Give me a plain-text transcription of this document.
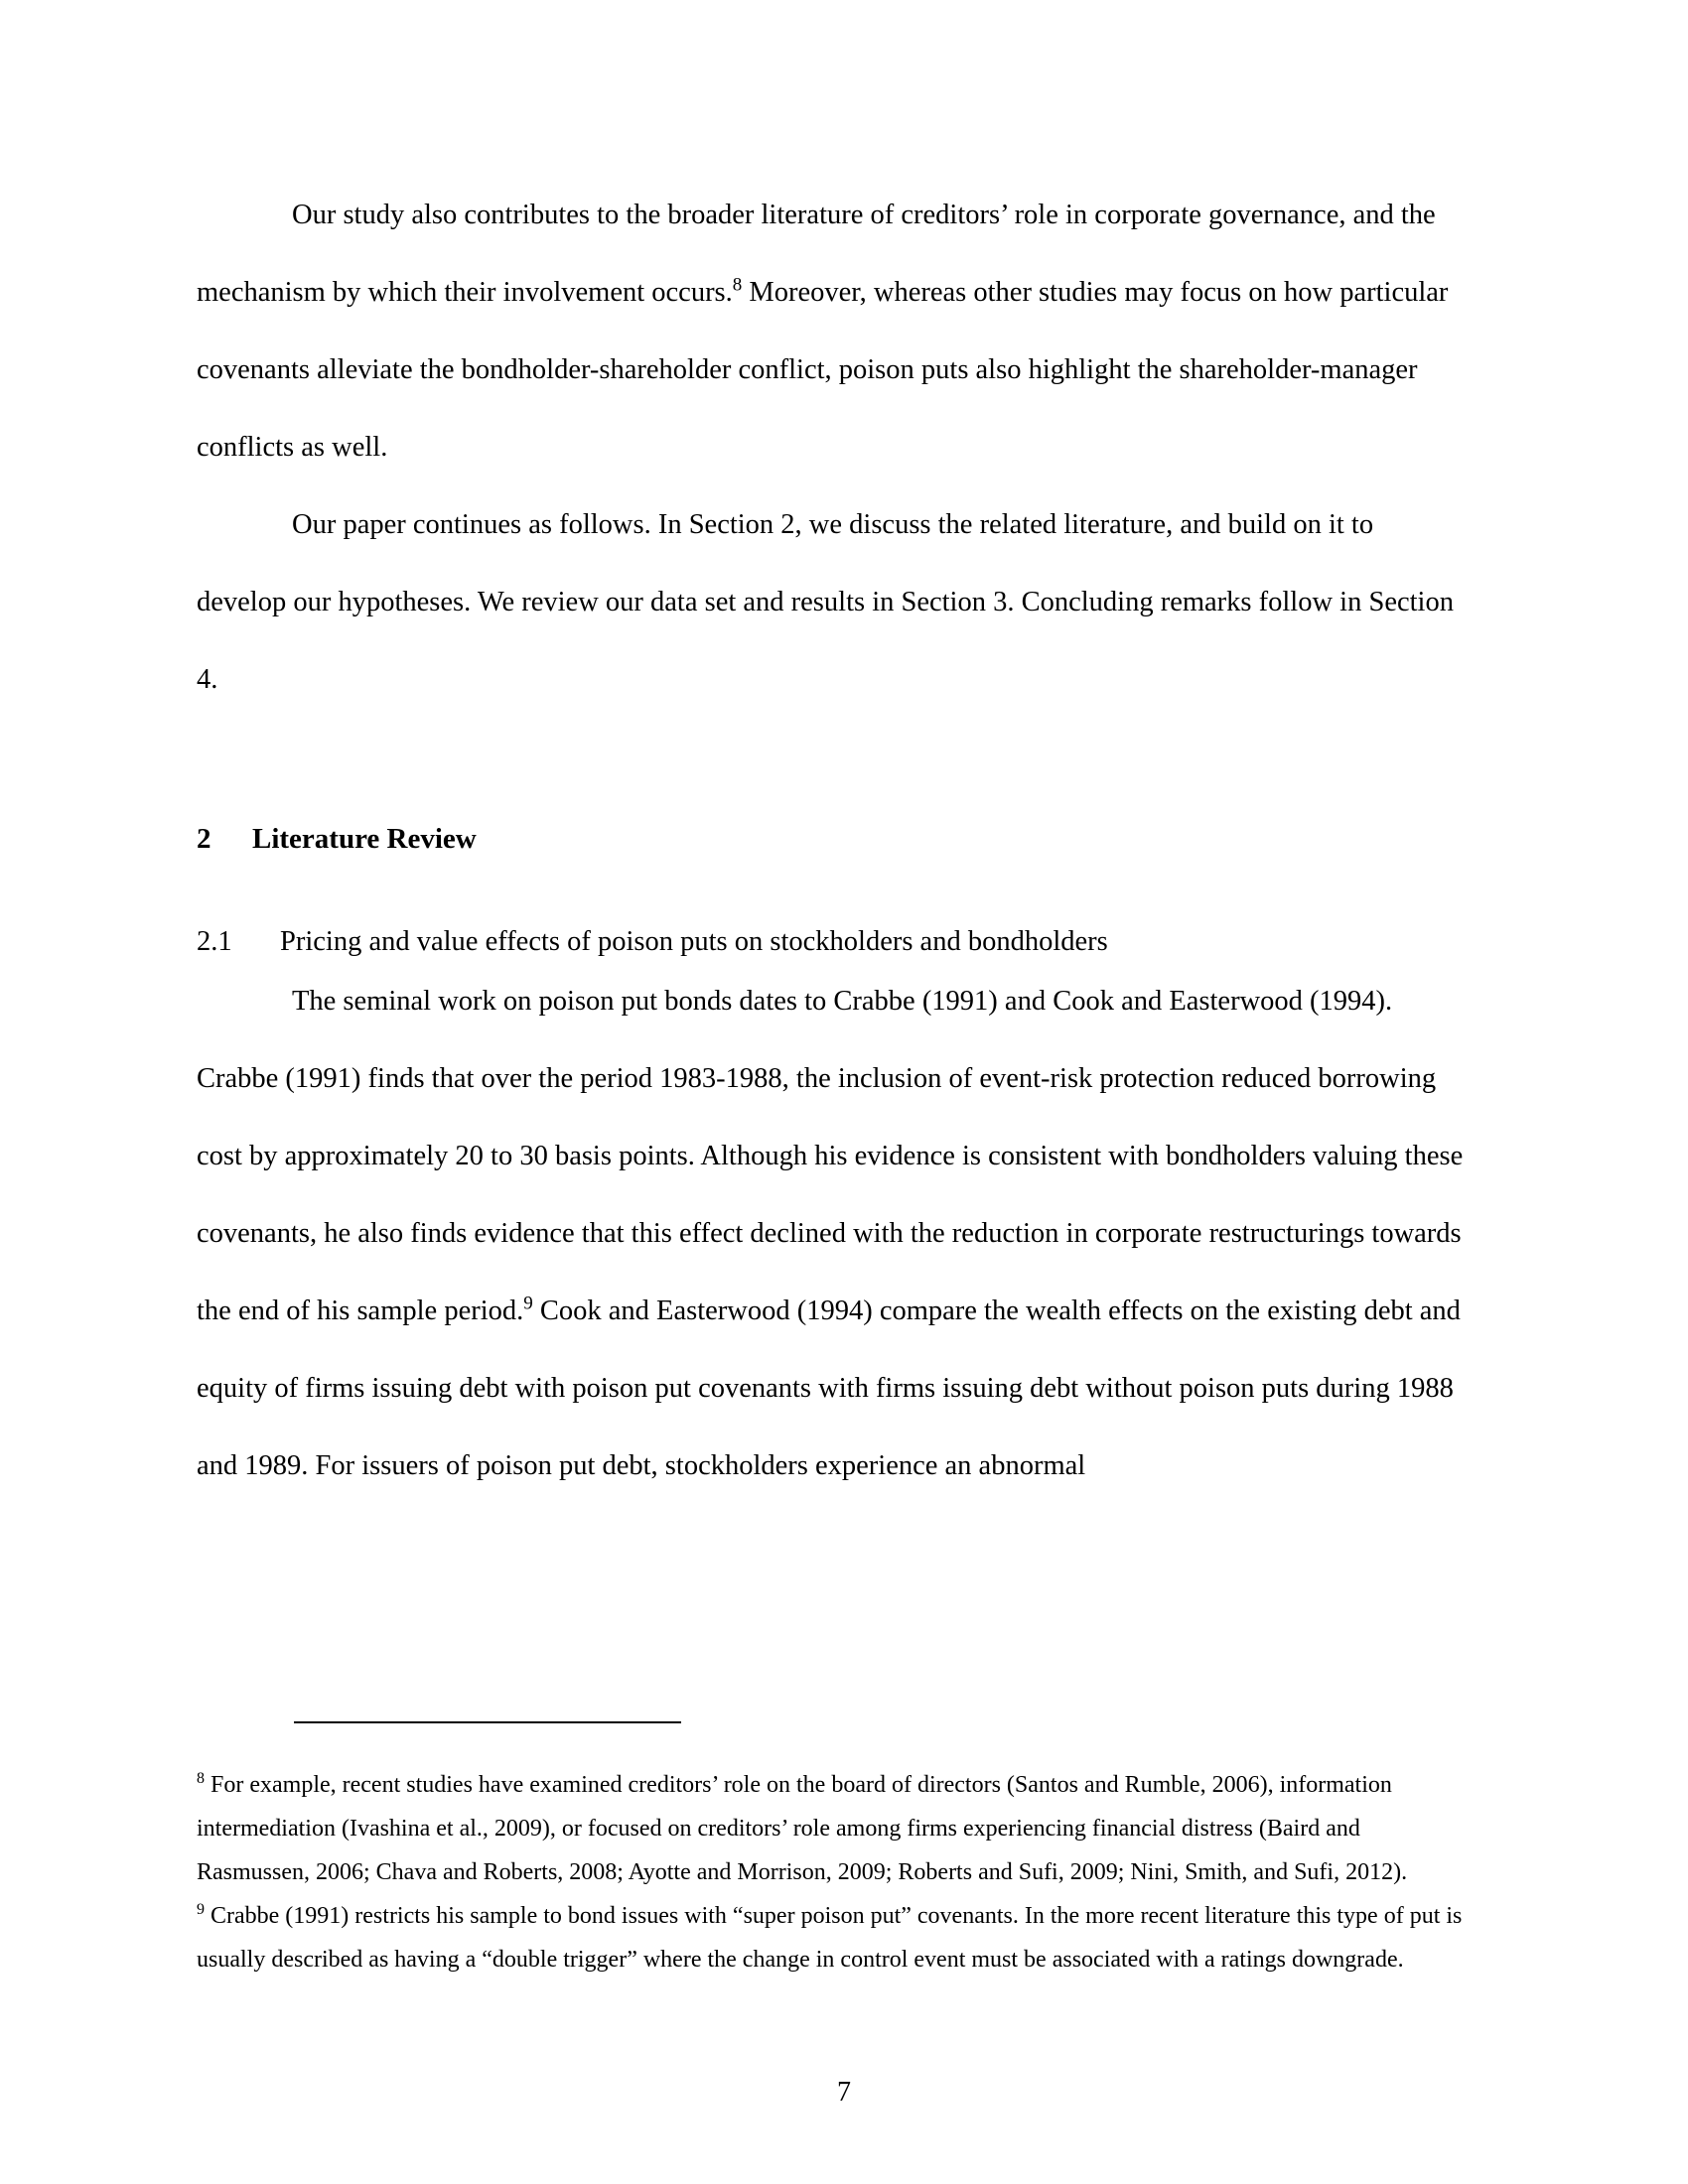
Our study also contributes to the broader literature of creditors’ role in corporate governance, and the mechanism by which their involvement occurs.$^8$ Moreover, whereas other studies may focus on how particular covenants alleviate the bondholder-shareholder conflict, poison puts also highlight the shareholder-manager conflicts as well.

Our paper continues as follows. In Section 2, we discuss the related literature, and build on it to develop our hypotheses. We review our data set and results in Section 3. Concluding remarks follow in Section 4.

2	Literature Review
2.1	Pricing and value effects of poison puts on stockholders and bondholders

The seminal work on poison put bonds dates to Crabbe (1991) and Cook and Easterwood (1994). Crabbe (1991) finds that over the period 1983-1988, the inclusion of event-risk protection reduced borrowing cost by approximately 20 to 30 basis points. Although his evidence is consistent with bondholders valuing these covenants, he also finds evidence that this effect declined with the reduction in corporate restructurings towards the end of his sample period.$^9$ Cook and Easterwood (1994) compare the wealth effects on the existing debt and equity of firms issuing debt with poison put covenants with firms issuing debt without poison puts during 1988 and 1989. For issuers of poison put debt, stockholders experience an abnormal

$^8$ For example, recent studies have examined creditors’ role on the board of directors (Santos and Rumble, 2006), information intermediation (Ivashina et al., 2009), or focused on creditors’ role among firms experiencing financial distress (Baird and Rasmussen, 2006; Chava and Roberts, 2008; Ayotte and Morrison, 2009; Roberts and Sufi, 2009; Nini, Smith, and Sufi, 2012).

$^9$ Crabbe (1991) restricts his sample to bond issues with “super poison put” covenants. In the more recent literature this type of put is usually described as having a “double trigger” where the change in control event must be associated with a ratings downgrade.

7
